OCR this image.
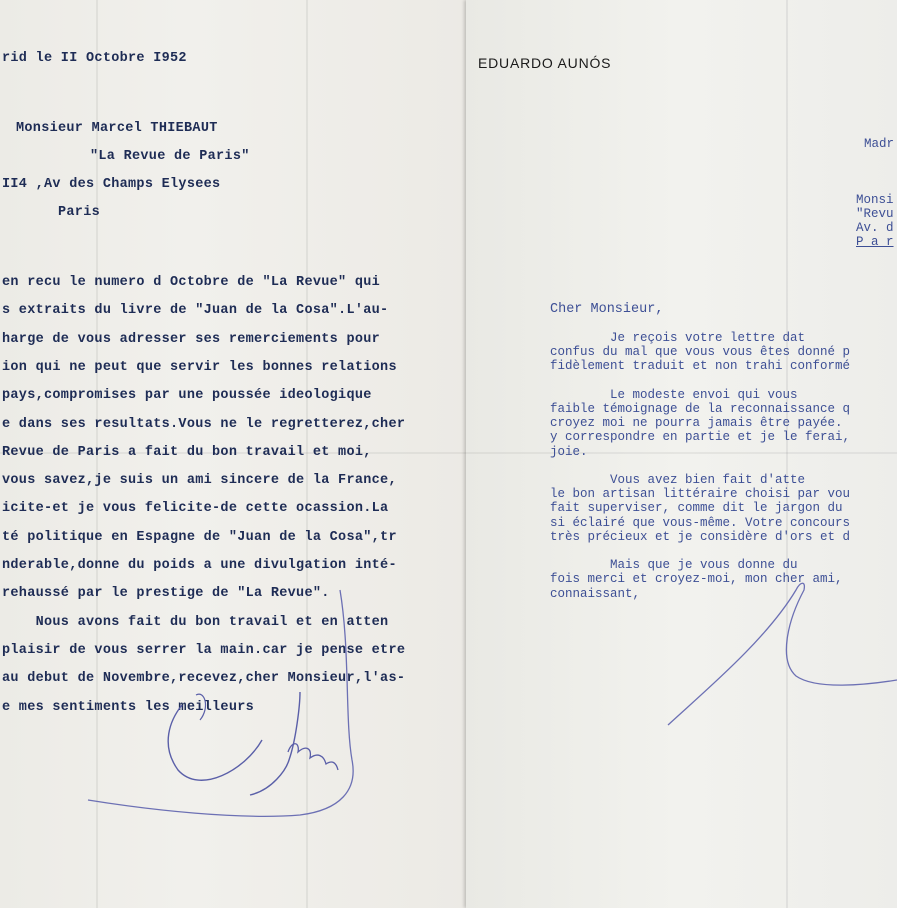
rid le II Octobre I952
Monsieur Marcel THIEBAUT
"La Revue de Paris"
II4 ,Av des Champs Elysees
Paris
en recu le numero d Octobre de "La Revue" qui
s extraits du livre de "Juan de la Cosa".L'au-
harge de vous adresser ses remerciements pour
ion qui ne peut que servir les bonnes relations
pays,compromises par une poussée ideologique
e dans ses resultats.Vous ne le regretterez,cher
Revue de Paris a fait du bon travail et moi,
vous savez,je suis un ami sincere de la France,
icite-et je vous felicite-de cette ocassion.La
té politique en Espagne de "Juan de la Cosa",tr
nderable,donne du poids a une divulgation inté-
rehaussé par le prestige de "La Revue".
Nous avons fait du bon travail et en atten
plaisir de vous serrer la main.car je pense etre
au debut de Novembre,recevez,cher Monsieur,l'as-
e mes sentiments les meilleurs
EDUARDO AUNÓS
Madr
Monsi
"Revu
Av. d
P a r
Cher Monsieur,
Je reçois votre lettre dat
confus du mal que vous vous êtes donné p
fidèlement traduit et non trahi conformé
Le modeste envoi qui vous
faible témoignage de la reconnaissance q
croyez moi ne pourra jamais être payée.
y correspondre en partie et je le ferai,
joie.
Vous avez bien fait d'atte
le bon artisan littéraire choisi par vou
fait superviser, comme dit le jargon du
si éclairé que vous-même. Votre concours
très précieux et je considère d'ors et d
Mais que je vous donne du
fois merci et croyez-moi, mon cher ami,
connaissant,
